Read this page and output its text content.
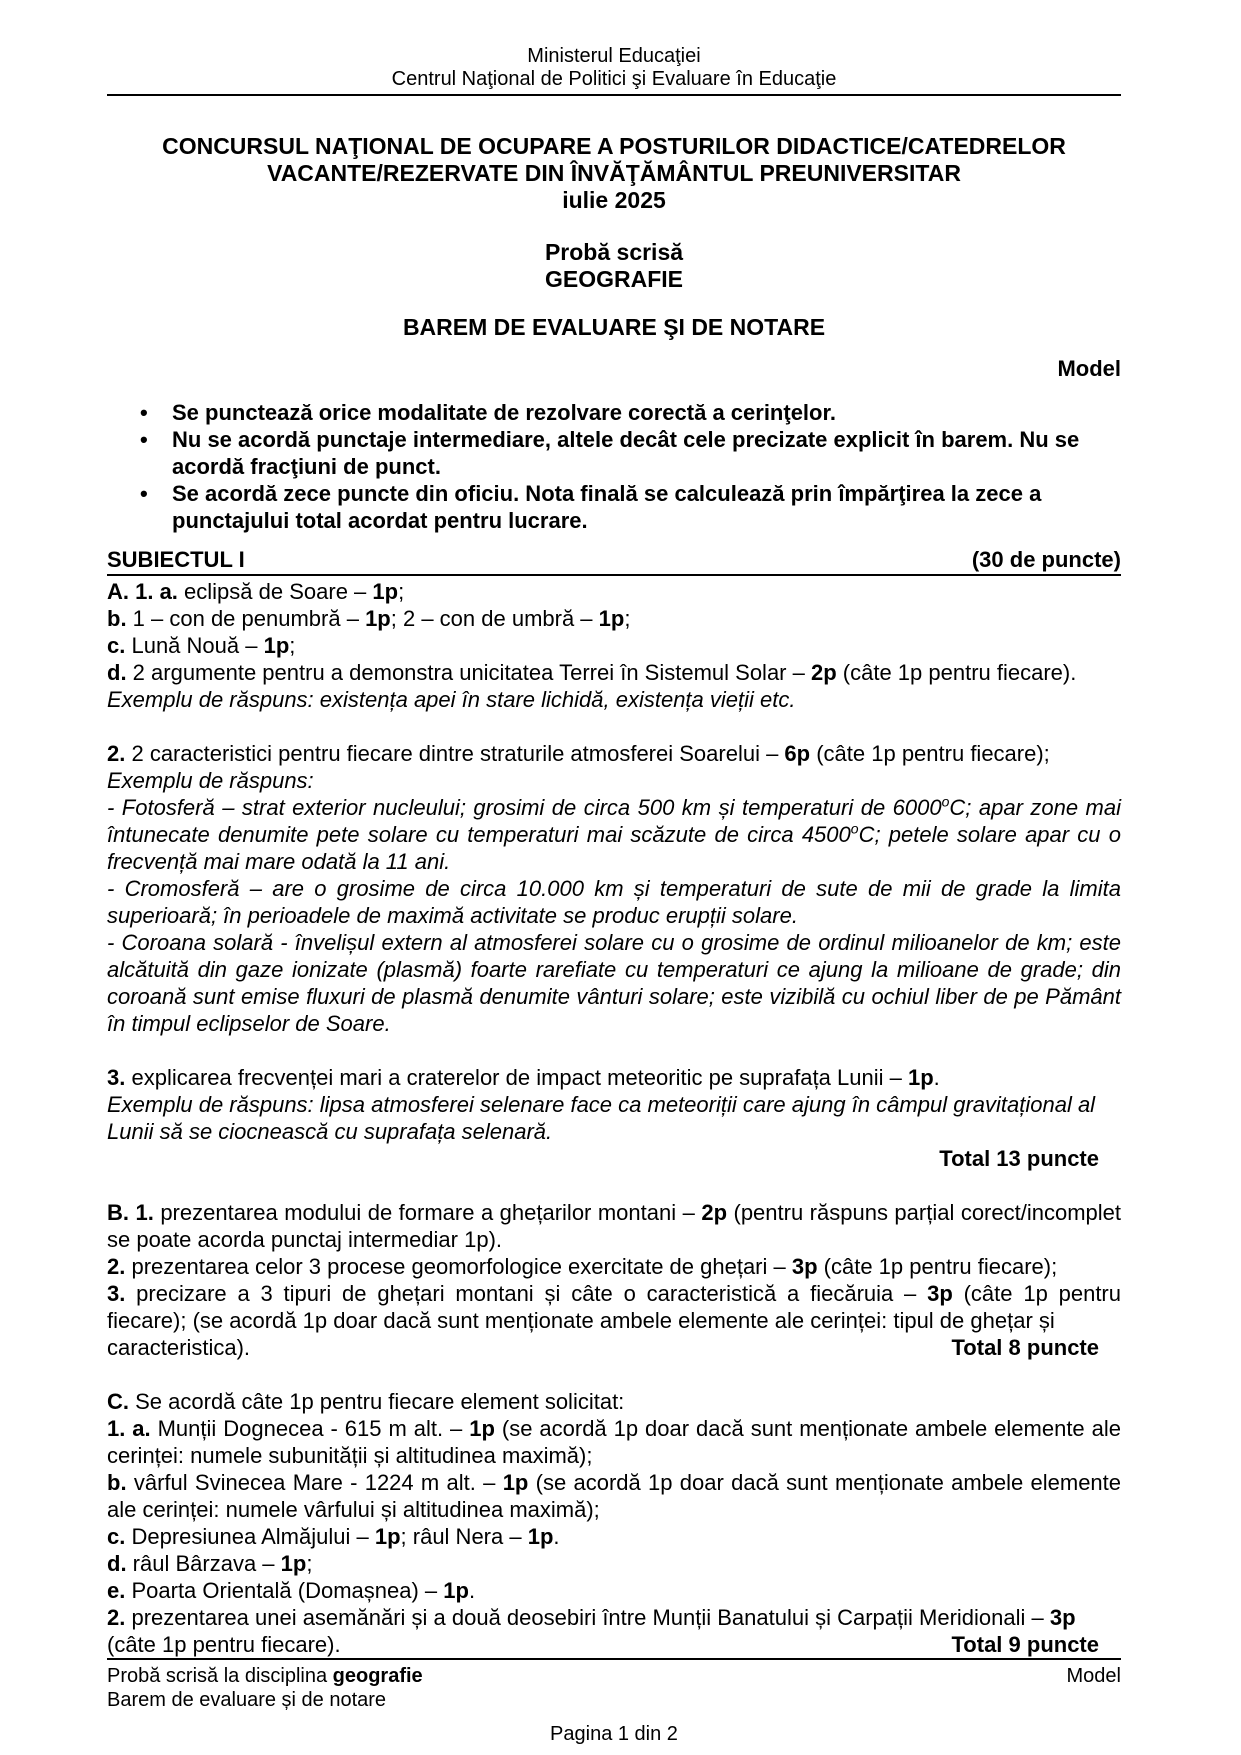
Ministerul Educaţiei
Centrul Naţional de Politici şi Evaluare în Educaţie
CONCURSUL NAŢIONAL DE OCUPARE A POSTURILOR DIDACTICE/CATEDRELOR
VACANTE/REZERVATE DIN ÎNVĂŢĂMÂNTUL PREUNIVERSITAR
iulie 2025
Probă scrisă
GEOGRAFIE
BAREM DE EVALUARE ŞI DE NOTARE
Model
• Se punctează orice modalitate de rezolvare corectă a cerinţelor.
• Nu se acordă punctaje intermediare, altele decât cele precizate explicit în barem. Nu se acordă fracţiuni de punct.
• Se acordă zece puncte din oficiu. Nota finală se calculează prin împărţirea la zece a punctajului total acordat pentru lucrare.
SUBIECTUL I	(30 de puncte)
A. 1. a. eclipsă de Soare – 1p;
b. 1 – con de penumbră – 1p; 2 – con de umbră – 1p;
c. Lună Nouă – 1p;
d. 2 argumente pentru a demonstra unicitatea Terrei în Sistemul Solar – 2p (câte 1p pentru fiecare).
Exemplu de răspuns: existența apei în stare lichidă, existența vieții etc.
2. 2 caracteristici pentru fiecare dintre straturile atmosferei Soarelui – 6p (câte 1p pentru fiecare);
Exemplu de răspuns:
- Fotosferă – strat exterior nucleului; grosimi de circa 500 km și temperaturi de 6000$^o$C; apar zone mai întunecate denumite pete solare cu temperaturi mai scăzute de circa 4500$^o$C; petele solare apar cu o frecvență mai mare odată la 11 ani.
- Cromosferă – are o grosime de circa 10.000 km și temperaturi de sute de mii de grade la limita superioară; în perioadele de maximă activitate se produc erupții solare.
- Coroana solară - învelișul extern al atmosferei solare cu o grosime de ordinul milioanelor de km; este alcătuită din gaze ionizate (plasmă) foarte rarefiate cu temperaturi ce ajung la milioane de grade; din coroană sunt emise fluxuri de plasmă denumite vânturi solare; este vizibilă cu ochiul liber de pe Pământ în timpul eclipselor de Soare.
3. explicarea frecvenței mari a craterelor de impact meteoritic pe suprafața Lunii – 1p.
Exemplu de răspuns: lipsa atmosferei selenare face ca meteoriții care ajung în câmpul gravitațional al Lunii să se ciocnească cu suprafața selenară.
Total 13 puncte
B. 1. prezentarea modului de formare a ghețarilor montani – 2p (pentru răspuns parțial corect/incomplet se poate acorda punctaj intermediar 1p).
2. prezentarea celor 3 procese geomorfologice exercitate de ghețari – 3p (câte 1p pentru fiecare);
3. precizare a 3 tipuri de ghețari montani și câte o caracteristică a fiecăruia – 3p (câte 1p pentru fiecare); (se acordă 1p doar dacă sunt menționate ambele elemente ale cerinței: tipul de ghețar și
caracteristica).	Total 8 puncte
C. Se acordă câte 1p pentru fiecare element solicitat:
1. a. Munții Dognecea - 615 m alt. – 1p (se acordă 1p doar dacă sunt menționate ambele elemente ale cerinței: numele subunității și altitudinea maximă);
b. vârful Svinecea Mare - 1224 m alt. – 1p (se acordă 1p doar dacă sunt menționate ambele elemente ale cerinței: numele vârfului și altitudinea maximă);
c. Depresiunea Almăjului – 1p; râul Nera – 1p.
d. râul Bârzava – 1p;
e. Poarta Orientală (Domașnea) – 1p.
2. prezentarea unei asemănări și a două deosebiri între Munții Banatului și Carpații Meridionali – 3p
(câte 1p pentru fiecare).	Total 9 puncte
Probă scrisă la disciplina geografie	Model
Barem de evaluare și de notare
Pagina 1 din 2
